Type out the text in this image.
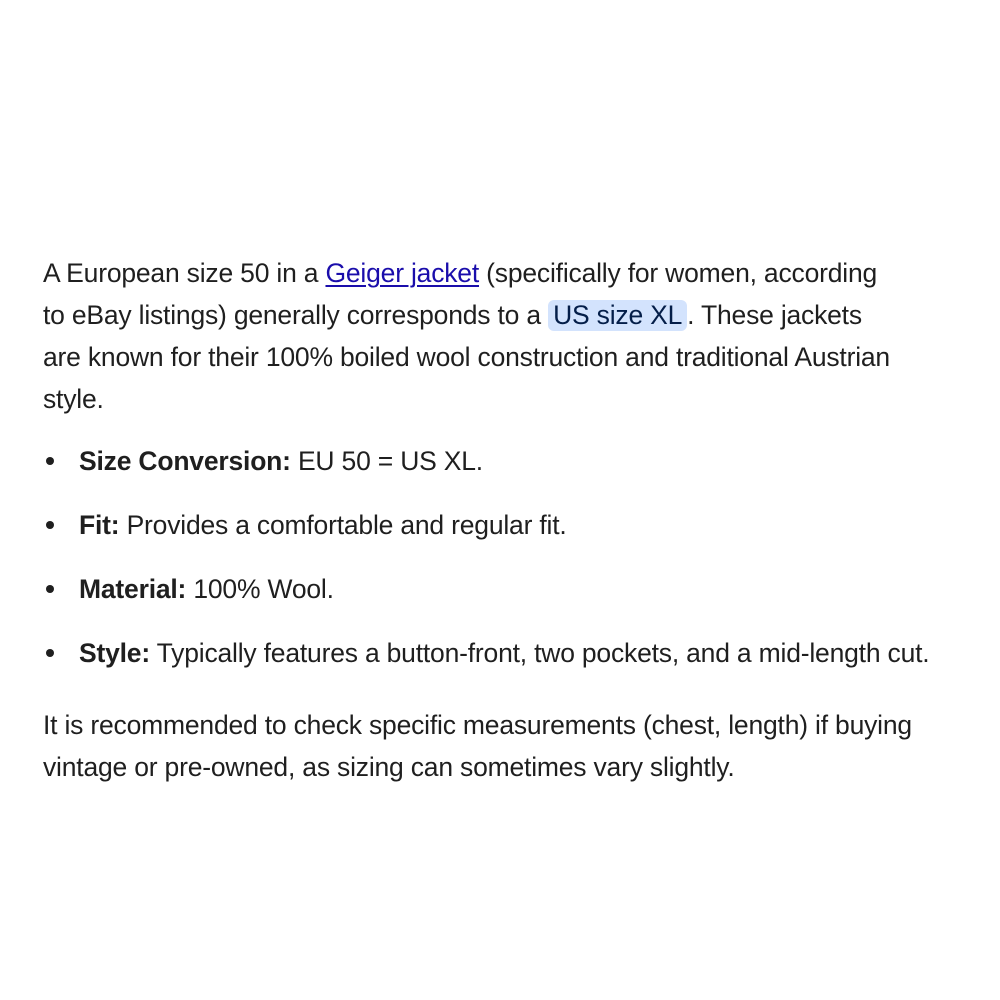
A European size 50 in a Geiger jacket (specifically for women, according to eBay listings) generally corresponds to a US size XL . These jackets are known for their 100% boiled wool construction and traditional Austrian style.

Size Conversion: EU 50 = US XL.
Fit: Provides a comfortable and regular fit.
Material: 100% Wool.
Style: Typically features a button-front, two pockets, and a mid-length cut.

It is recommended to check specific measurements (chest, length) if buying vintage or pre-owned, as sizing can sometimes vary slightly.
